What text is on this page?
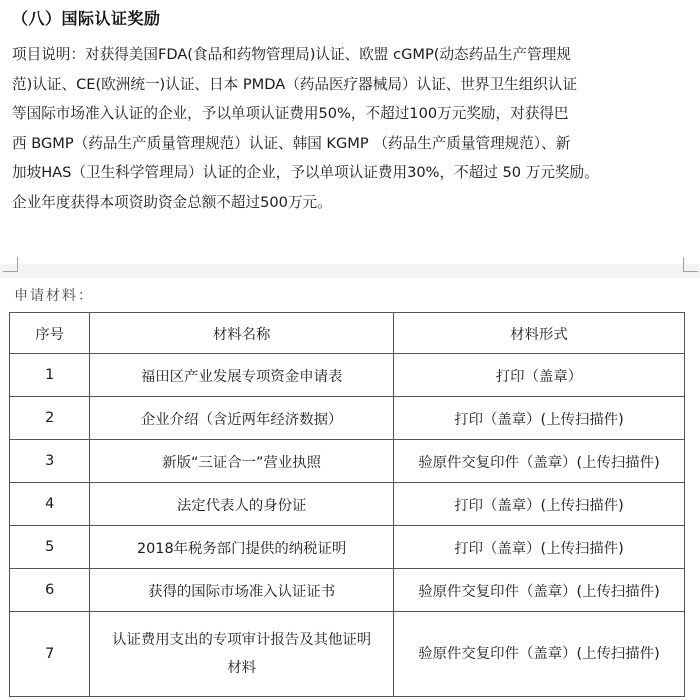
（八）国际认证奖励
项目说明：对获得美国FDA(食品和药物管理局)认证、欧盟 cGMP(动态药品生产管理规
范)认证、CE(欧洲统一)认证、日本 PMDA（药品医疗器械局）认证、世界卫生组织认证
等国际市场准入认证的企业，予以单项认证费用50%，不超过100万元奖励，对获得巴
西 BGMP（药品生产质量管理规范）认证、韩国 KGMP （药品生产质量管理规范）、新
加坡HAS（卫生科学管理局）认证的企业，予以单项认证费用30%，不超过 50 万元奖励。
企业年度获得本项资助资金总额不超过500万元。
申请材料：
序号	材料名称	材料形式
1	福田区产业发展专项资金申请表	打印（盖章）
2	企业介绍（含近两年经济数据）	打印（盖章）(上传扫描件)
3	新版“三证合一”营业执照	验原件交复印件（盖章）(上传扫描件)
4	法定代表人的身份证	打印（盖章）(上传扫描件)
5	2018年税务部门提供的纳税证明	打印（盖章）(上传扫描件)
6	获得的国际市场准入认证证书	验原件交复印件（盖章）(上传扫描件)
7	认证费用支出的专项审计报告及其他证明
材料	验原件交复印件（盖章）(上传扫描件)
